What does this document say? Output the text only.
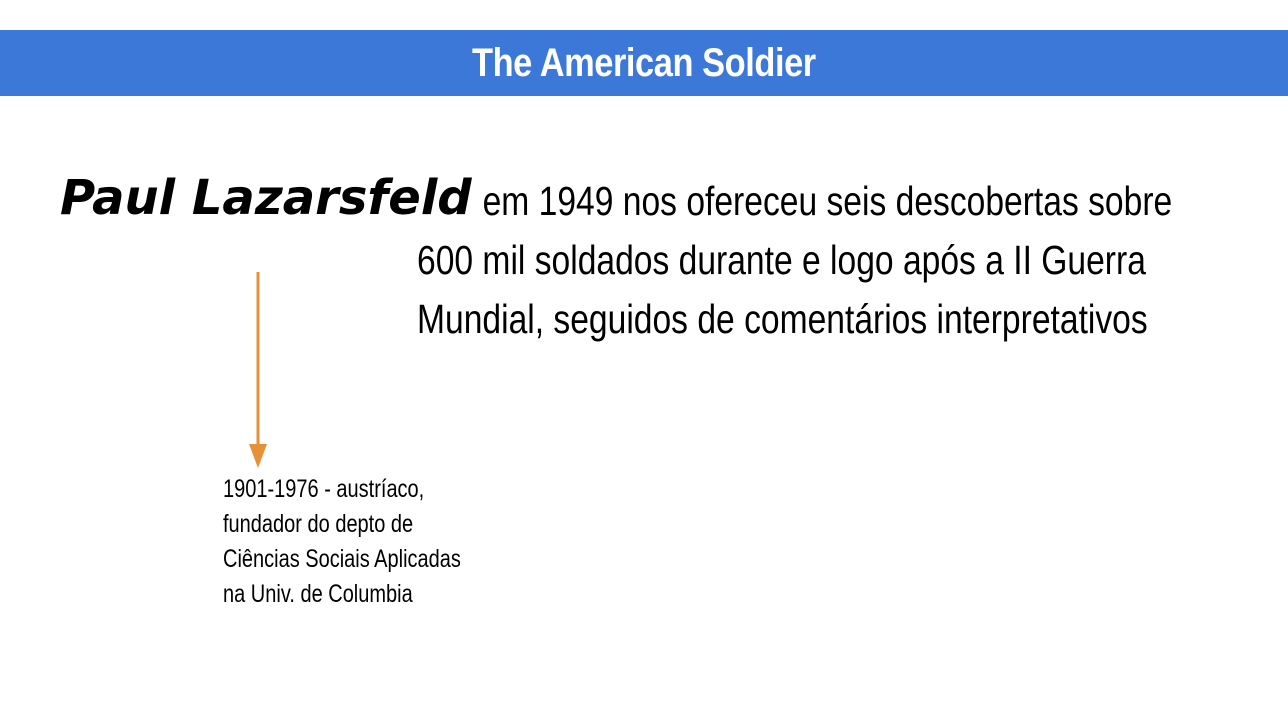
The American Soldier
Paul Lazarsfeld em 1949 nos ofereceu seis descobertas sobre
600 mil soldados durante e logo após a II Guerra
Mundial, seguidos de comentários interpretativos
1901-1976 - austríaco,
fundador do depto de
Ciências Sociais Aplicadas
na Univ. de Columbia
